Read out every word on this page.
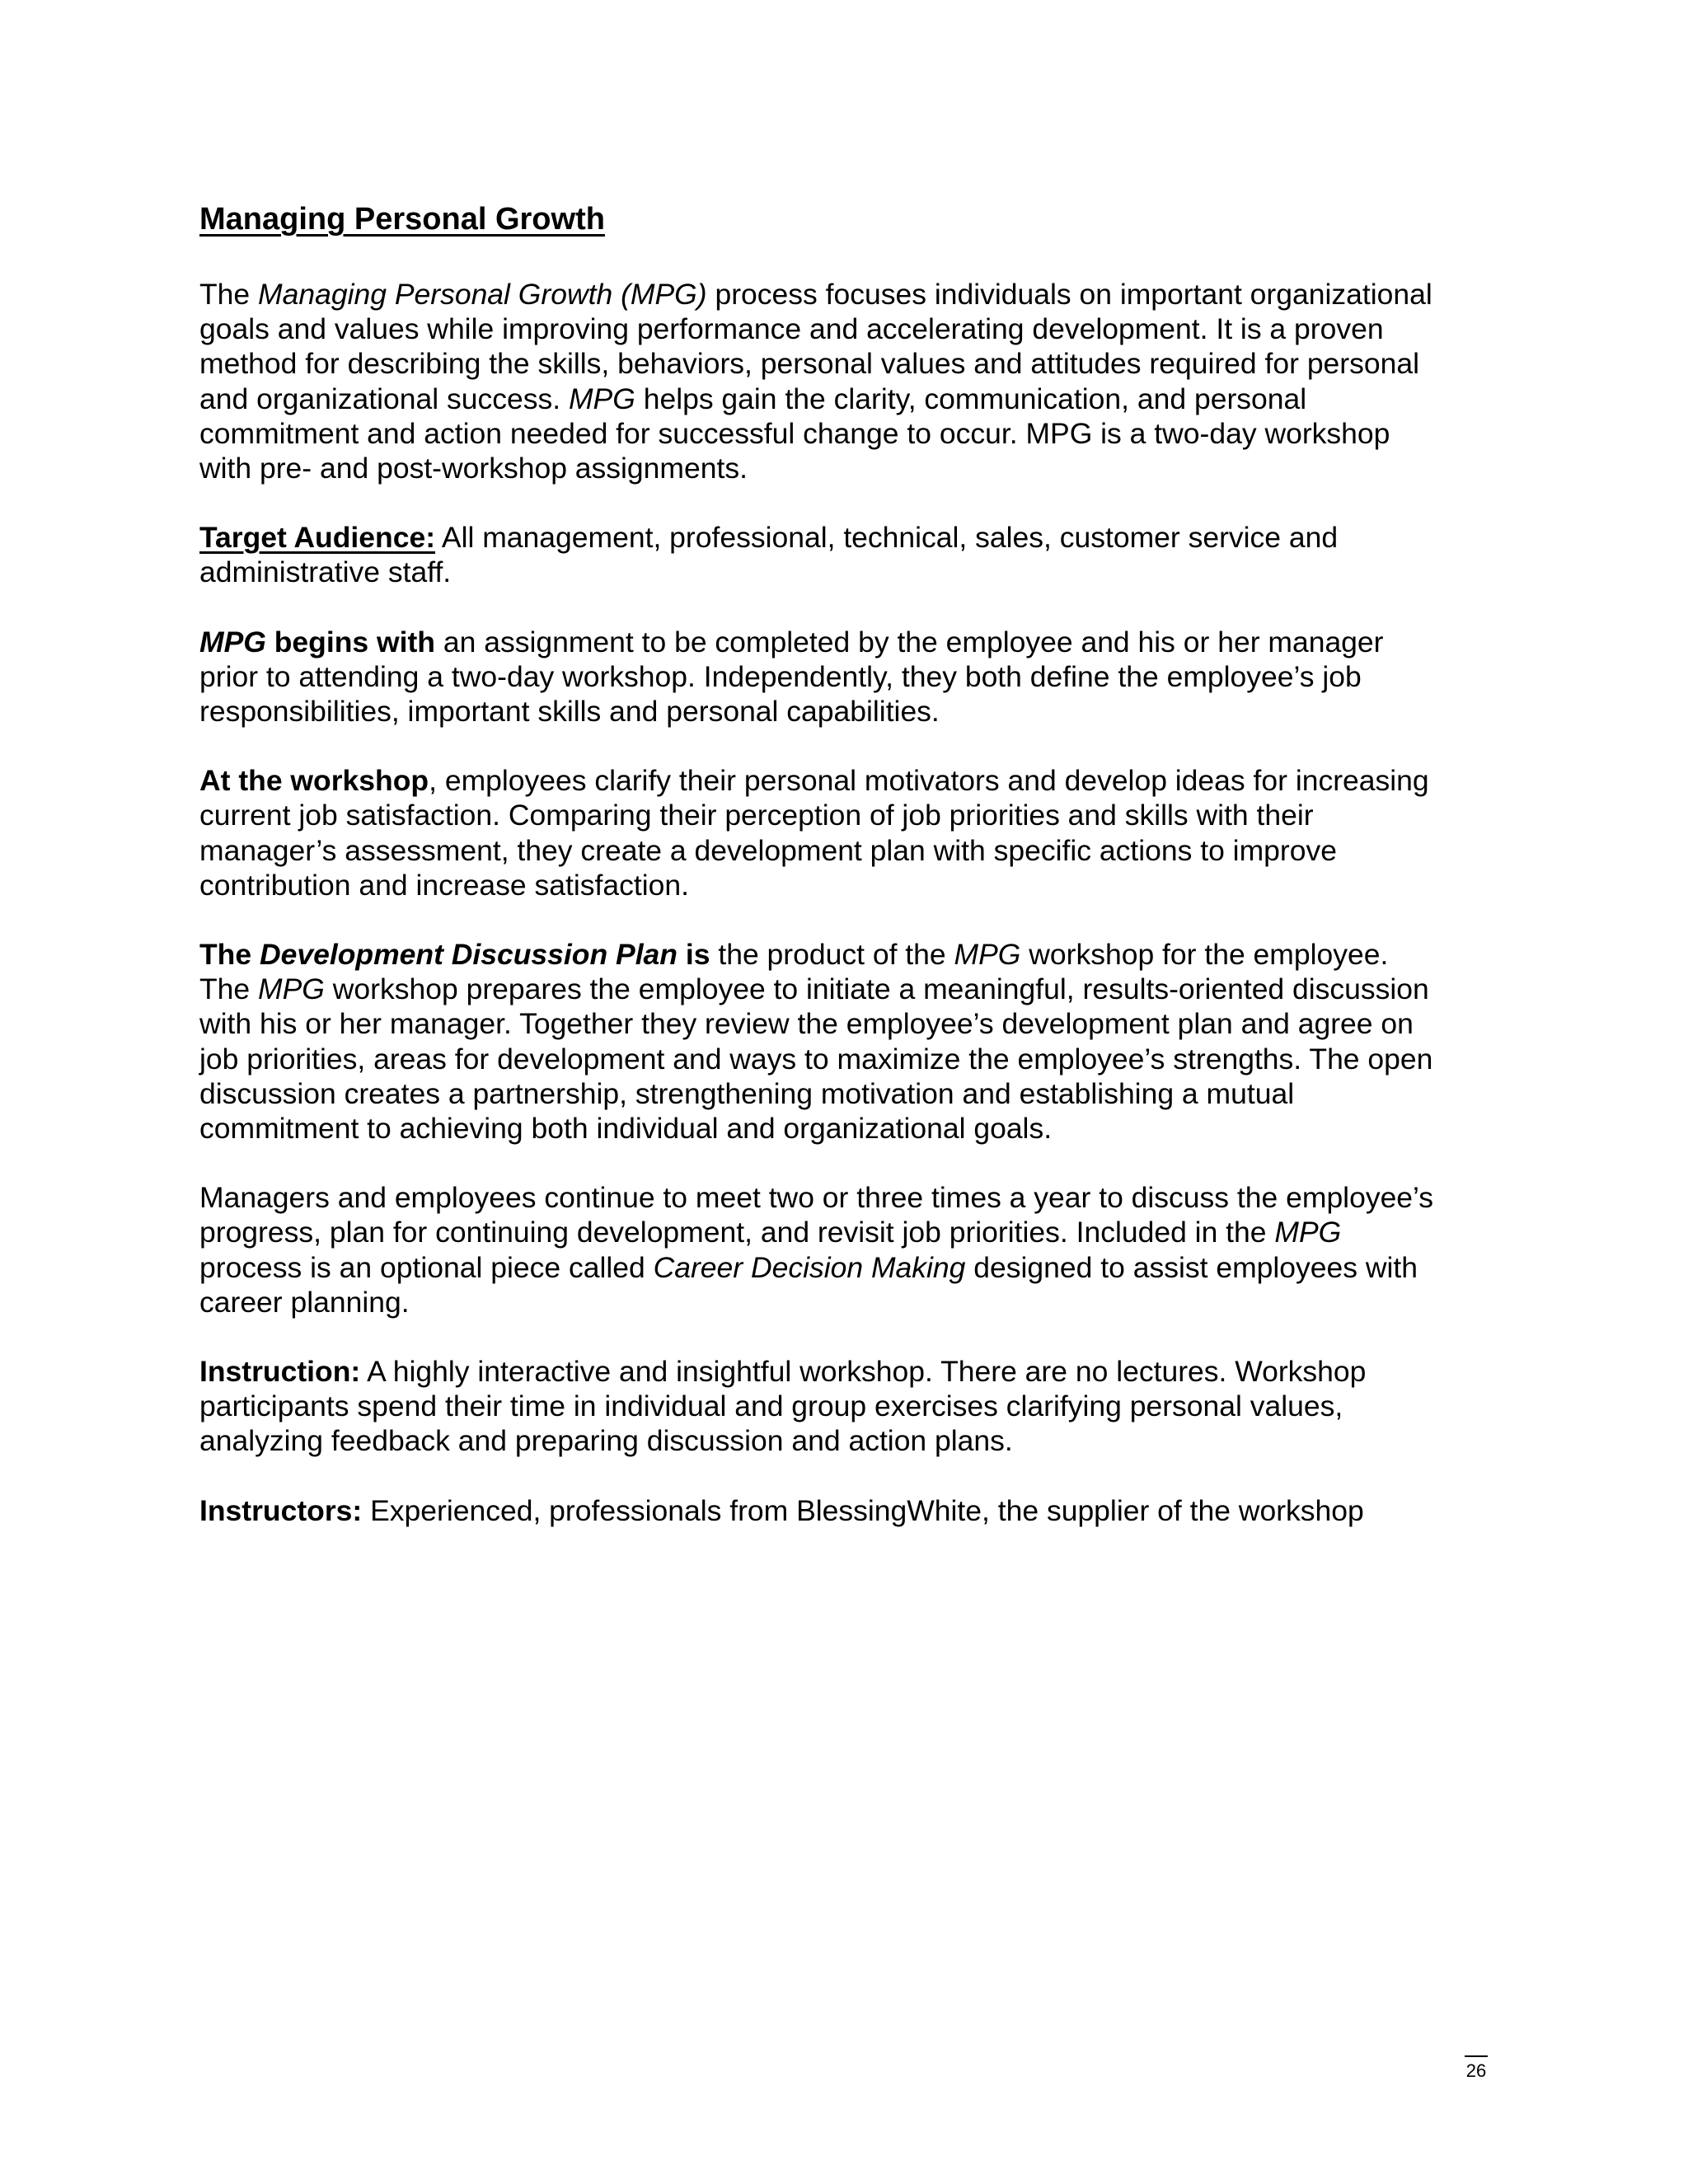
Managing Personal Growth

The Managing Personal Growth (MPG) process focuses individuals on important organizational
goals and values while improving performance and accelerating development. It is a proven
method for describing the skills, behaviors, personal values and attitudes required for personal
and organizational success. MPG helps gain the clarity, communication, and personal
commitment and action needed for successful change to occur. MPG is a two-day workshop
with pre- and post-workshop assignments.

Target Audience: All management, professional, technical, sales, customer service and
administrative staff.

MPG begins with an assignment to be completed by the employee and his or her manager
prior to attending a two-day workshop. Independently, they both define the employee’s job
responsibilities, important skills and personal capabilities.

At the workshop, employees clarify their personal motivators and develop ideas for increasing
current job satisfaction. Comparing their perception of job priorities and skills with their
manager’s assessment, they create a development plan with specific actions to improve
contribution and increase satisfaction.

The Development Discussion Plan is the product of the MPG workshop for the employee.
The MPG workshop prepares the employee to initiate a meaningful, results-oriented discussion
with his or her manager. Together they review the employee’s development plan and agree on
job priorities, areas for development and ways to maximize the employee’s strengths. The open
discussion creates a partnership, strengthening motivation and establishing a mutual
commitment to achieving both individual and organizational goals.

Managers and employees continue to meet two or three times a year to discuss the employee’s
progress, plan for continuing development, and revisit job priorities. Included in the MPG
process is an optional piece called Career Decision Making designed to assist employees with
career planning.

Instruction: A highly interactive and insightful workshop. There are no lectures. Workshop
participants spend their time in individual and group exercises clarifying personal values,
analyzing feedback and preparing discussion and action plans.

Instructors: Experienced, professionals from BlessingWhite, the supplier of the workshop

26
